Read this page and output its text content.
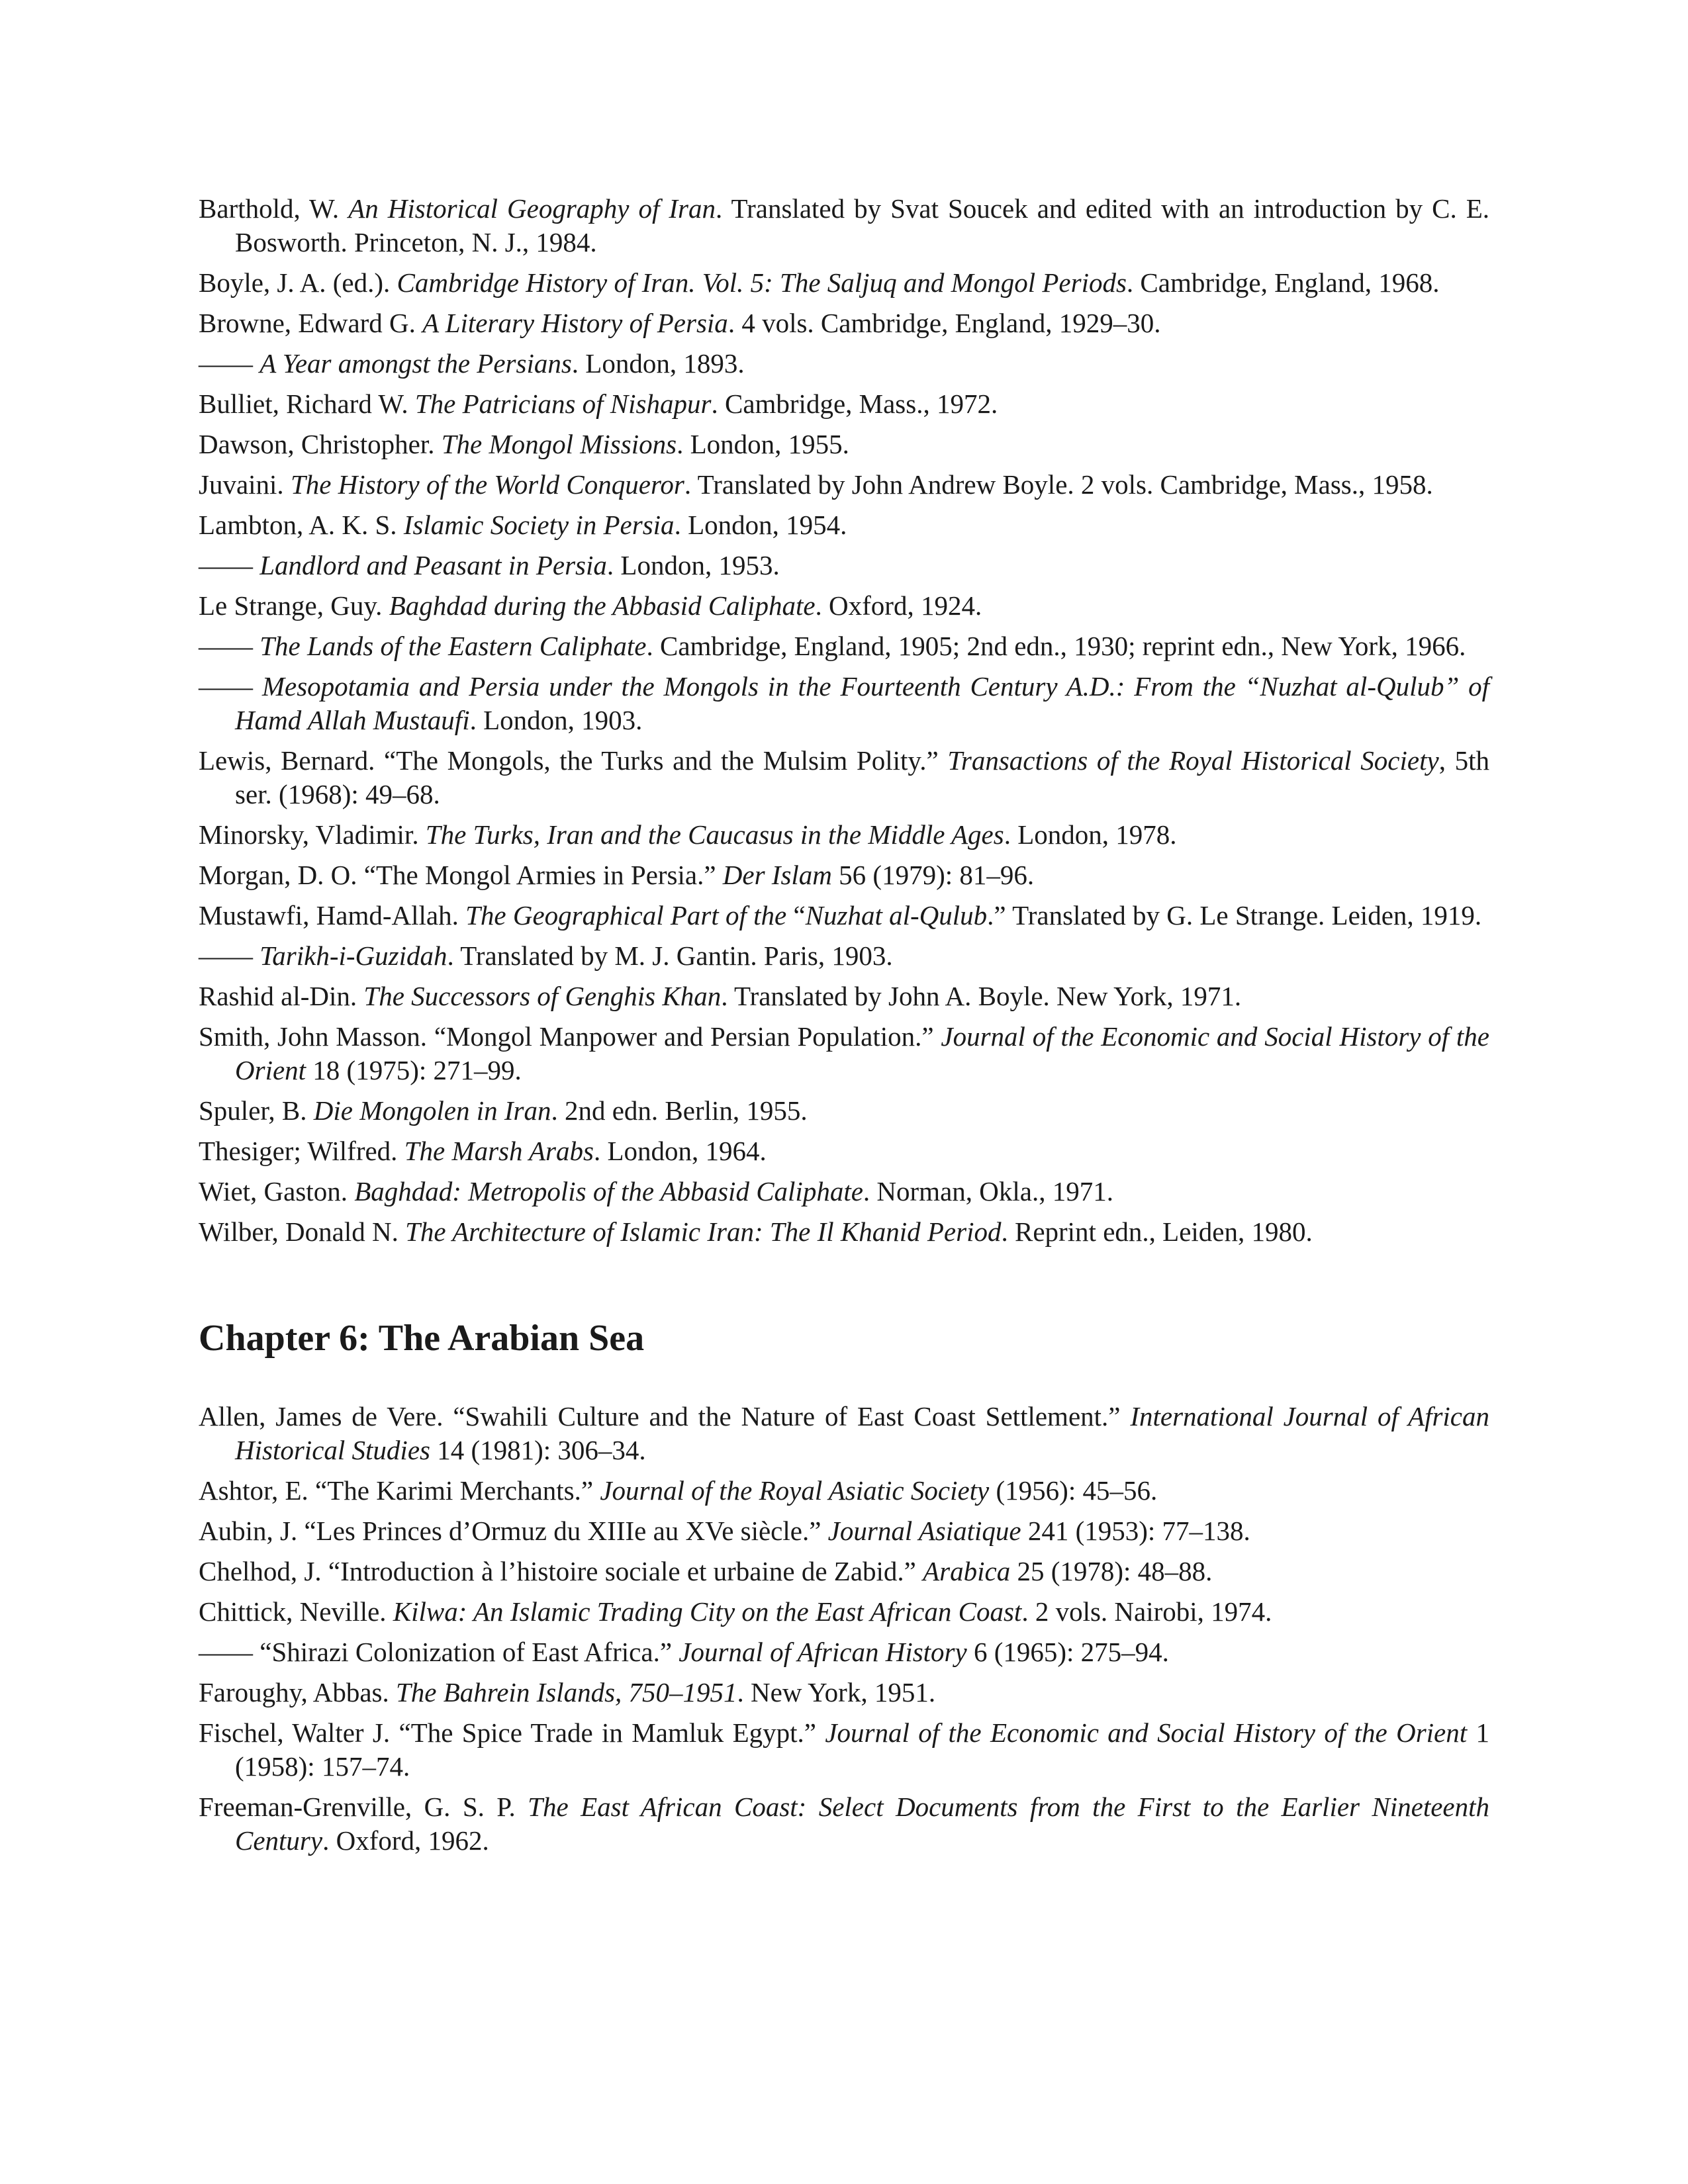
Barthold, W. An Historical Geography of Iran. Translated by Svat Soucek and edited with an introduction by C. E. Bosworth. Princeton, N. J., 1984.

Boyle, J. A. (ed.). Cambridge History of Iran. Vol. 5: The Saljuq and Mongol Periods. Cambridge, England, 1968.

Browne, Edward G. A Literary History of Persia. 4 vols. Cambridge, England, 1929–30.

—— A Year amongst the Persians. London, 1893.

Bulliet, Richard W. The Patricians of Nishapur. Cambridge, Mass., 1972.

Dawson, Christopher. The Mongol Missions. London, 1955.

Juvaini. The History of the World Conqueror. Translated by John Andrew Boyle. 2 vols. Cambridge, Mass., 1958.

Lambton, A. K. S. Islamic Society in Persia. London, 1954.

—— Landlord and Peasant in Persia. London, 1953.

Le Strange, Guy. Baghdad during the Abbasid Caliphate. Oxford, 1924.

—— The Lands of the Eastern Caliphate. Cambridge, England, 1905; 2nd edn., 1930; reprint edn., New York, 1966.

—— Mesopotamia and Persia under the Mongols in the Fourteenth Century A.D.: From the “Nuzhat al-Qulub” of Hamd Allah Mustaufi. London, 1903.

Lewis, Bernard. “The Mongols, the Turks and the Mulsim Polity.” Transactions of the Royal Historical Society, 5th ser. (1968): 49–68.

Minorsky, Vladimir. The Turks, Iran and the Caucasus in the Middle Ages. London, 1978.

Morgan, D. O. “The Mongol Armies in Persia.” Der Islam 56 (1979): 81–96.

Mustawfi, Hamd-Allah. The Geographical Part of the “Nuzhat al-Qulub.” Translated by G. Le Strange. Leiden, 1919.

—— Tarikh-i-Guzidah. Translated by M. J. Gantin. Paris, 1903.

Rashid al-Din. The Successors of Genghis Khan. Translated by John A. Boyle. New York, 1971.

Smith, John Masson. “Mongol Manpower and Persian Population.” Journal of the Economic and Social History of the Orient 18 (1975): 271–99.

Spuler, B. Die Mongolen in Iran. 2nd edn. Berlin, 1955.

Thesiger; Wilfred. The Marsh Arabs. London, 1964.

Wiet, Gaston. Baghdad: Metropolis of the Abbasid Caliphate. Norman, Okla., 1971.

Wilber, Donald N. The Architecture of Islamic Iran: The Il Khanid Period. Reprint edn., Leiden, 1980.

Chapter 6: The Arabian Sea

Allen, James de Vere. “Swahili Culture and the Nature of East Coast Settlement.” International Journal of African Historical Studies 14 (1981): 306–34.

Ashtor, E. “The Karimi Merchants.” Journal of the Royal Asiatic Society (1956): 45–56.

Aubin, J. “Les Princes d’Ormuz du XIIIe au XVe siècle.” Journal Asiatique 241 (1953): 77–138.

Chelhod, J. “Introduction à l’histoire sociale et urbaine de Zabid.” Arabica 25 (1978): 48–88.

Chittick, Neville. Kilwa: An Islamic Trading City on the East African Coast. 2 vols. Nairobi, 1974.

—— “Shirazi Colonization of East Africa.” Journal of African History 6 (1965): 275–94.

Faroughy, Abbas. The Bahrein Islands, 750–1951. New York, 1951.

Fischel, Walter J. “The Spice Trade in Mamluk Egypt.” Journal of the Economic and Social History of the Orient 1 (1958): 157–74.

Freeman-Grenville, G. S. P. The East African Coast: Select Documents from the First to the Earlier Nineteenth Century. Oxford, 1962.
